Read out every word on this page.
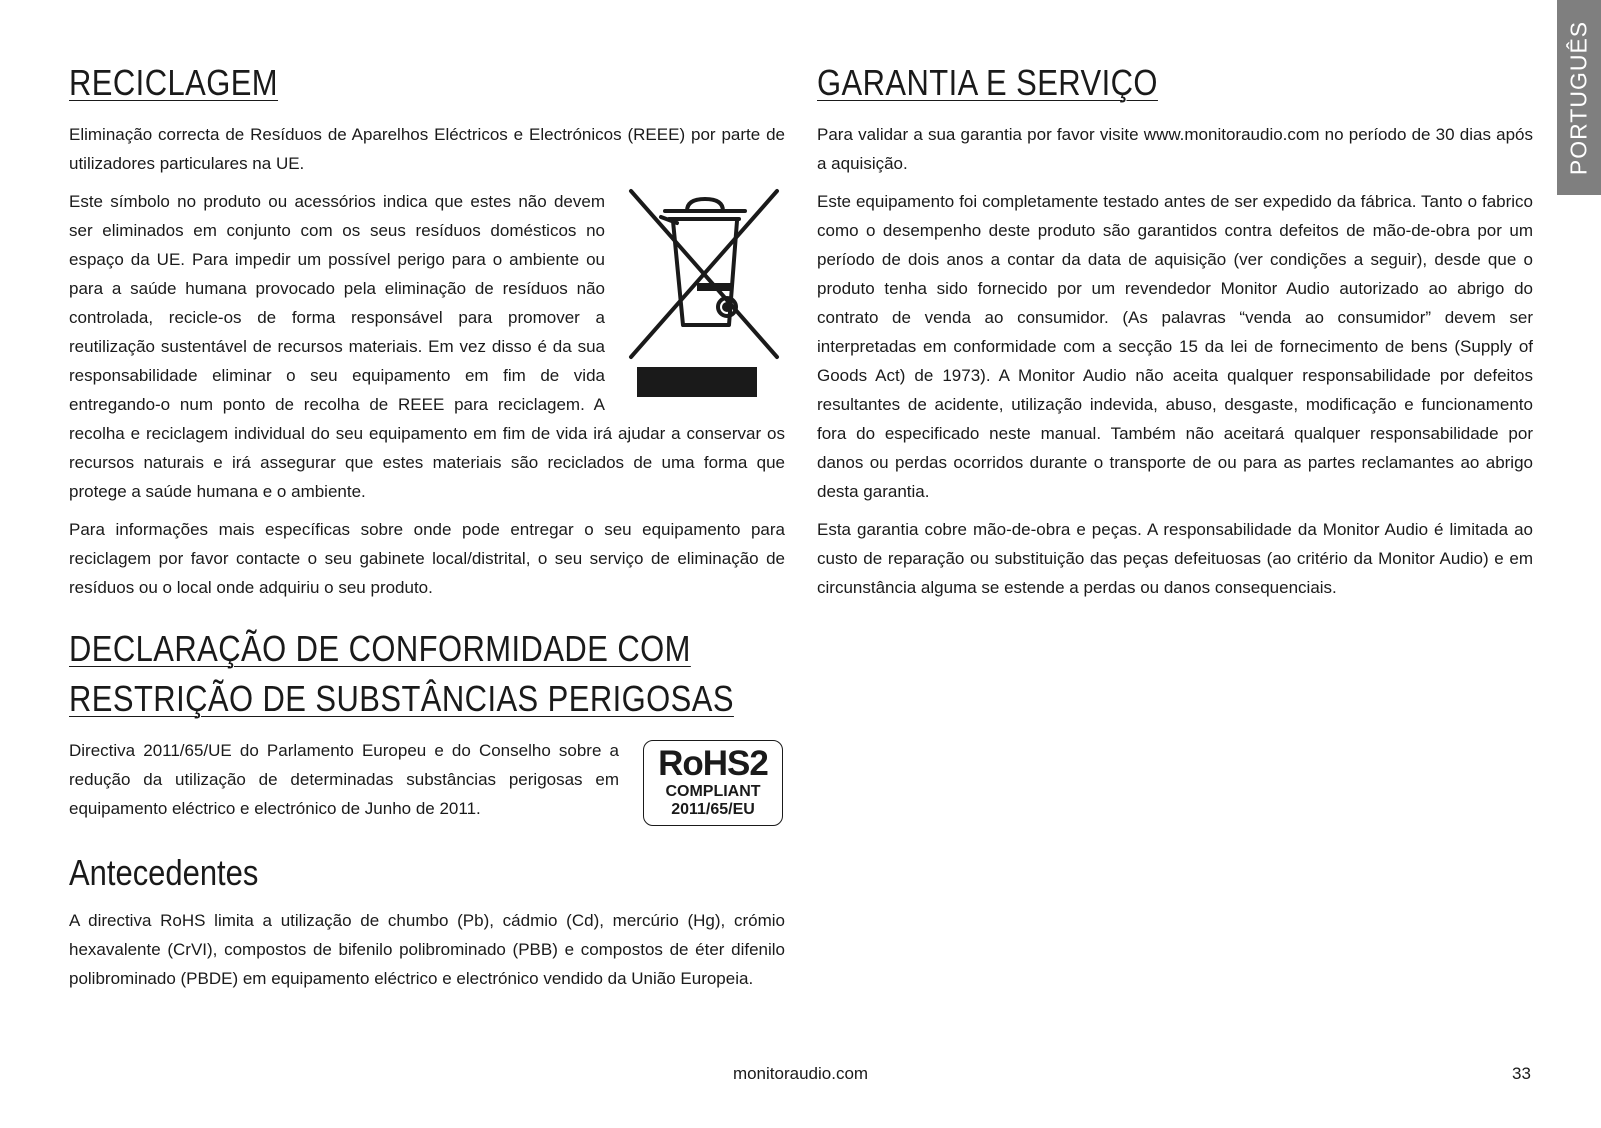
PORTUGUÊS
RECICLAGEM

Eliminação correcta de Resíduos de Aparelhos Eléctricos e Electrónicos (REEE) por parte de utilizadores particulares na UE.

Este símbolo no produto ou acessórios indica que estes não devem ser eliminados em conjunto com os seus resíduos domésticos no espaço da UE. Para impedir um possível perigo para o ambiente ou para a saúde humana provocado pela eliminação de resíduos não controlada, recicle-os de forma responsável para promover a reutilização sustentável de recursos materiais. Em vez disso é da sua responsabilidade eliminar o seu equipamento em fim de vida entregando-o num ponto de recolha de REEE para reciclagem. A recolha e reciclagem individual do seu equipamento em fim de vida irá ajudar a conservar os recursos naturais e irá assegurar que estes materiais são reciclados de uma forma que protege a saúde humana e o ambiente.

Para informações mais específicas sobre onde pode entregar o seu equipamento para reciclagem por favor contacte o seu gabinete local/distrital, o seu serviço de eliminação de resíduos ou o local onde adquiriu o seu produto.

DECLARAÇÃO DE CONFORMIDADE COM RESTRIÇÃO DE SUBSTÂNCIAS PERIGOSAS
RoHS2
COMPLIANT
2011/65/EU

Directiva 2011/65/UE do Parlamento Europeu e do Conselho sobre a redução da utilização de determinadas substâncias perigosas em equipamento eléctrico e electrónico de Junho de 2011.

Antecedentes

A directiva RoHS limita a utilização de chumbo (Pb), cádmio (Cd), mercúrio (Hg), crómio hexavalente (CrVI), compostos de bifenilo polibrominado (PBB) e compostos de éter difenilo polibrominado (PBDE) em equipamento eléctrico e electrónico vendido da União Europeia.

GARANTIA E SERVIÇO

Para validar a sua garantia por favor visite www.monitoraudio.com no período de 30 dias após a aquisição.

Este equipamento foi completamente testado antes de ser expedido da fábrica. Tanto o fabrico como o desempenho deste produto são garantidos contra defeitos de mão-de-obra por um período de dois anos a contar da data de aquisição (ver condições a seguir), desde que o produto tenha sido fornecido por um revendedor Monitor Audio autorizado ao abrigo do contrato de venda ao consumidor. (As palavras “venda ao consumidor” devem ser interpretadas em conformidade com a secção 15 da lei de fornecimento de bens (Supply of Goods Act) de 1973). A Monitor Audio não aceita qualquer responsabilidade por defeitos resultantes de acidente, utilização indevida, abuso, desgaste, modificação e funcionamento fora do especificado neste manual. Também não aceitará qualquer responsabilidade por danos ou perdas ocorridos durante o transporte de ou para as partes reclamantes ao abrigo desta garantia.

Esta garantia cobre mão-de-obra e peças. A responsabilidade da Monitor Audio é limitada ao custo de reparação ou substituição das peças defeituosas (ao critério da Monitor Audio) e em circunstância alguma se estende a perdas ou danos consequenciais.

monitoraudio.com	33
